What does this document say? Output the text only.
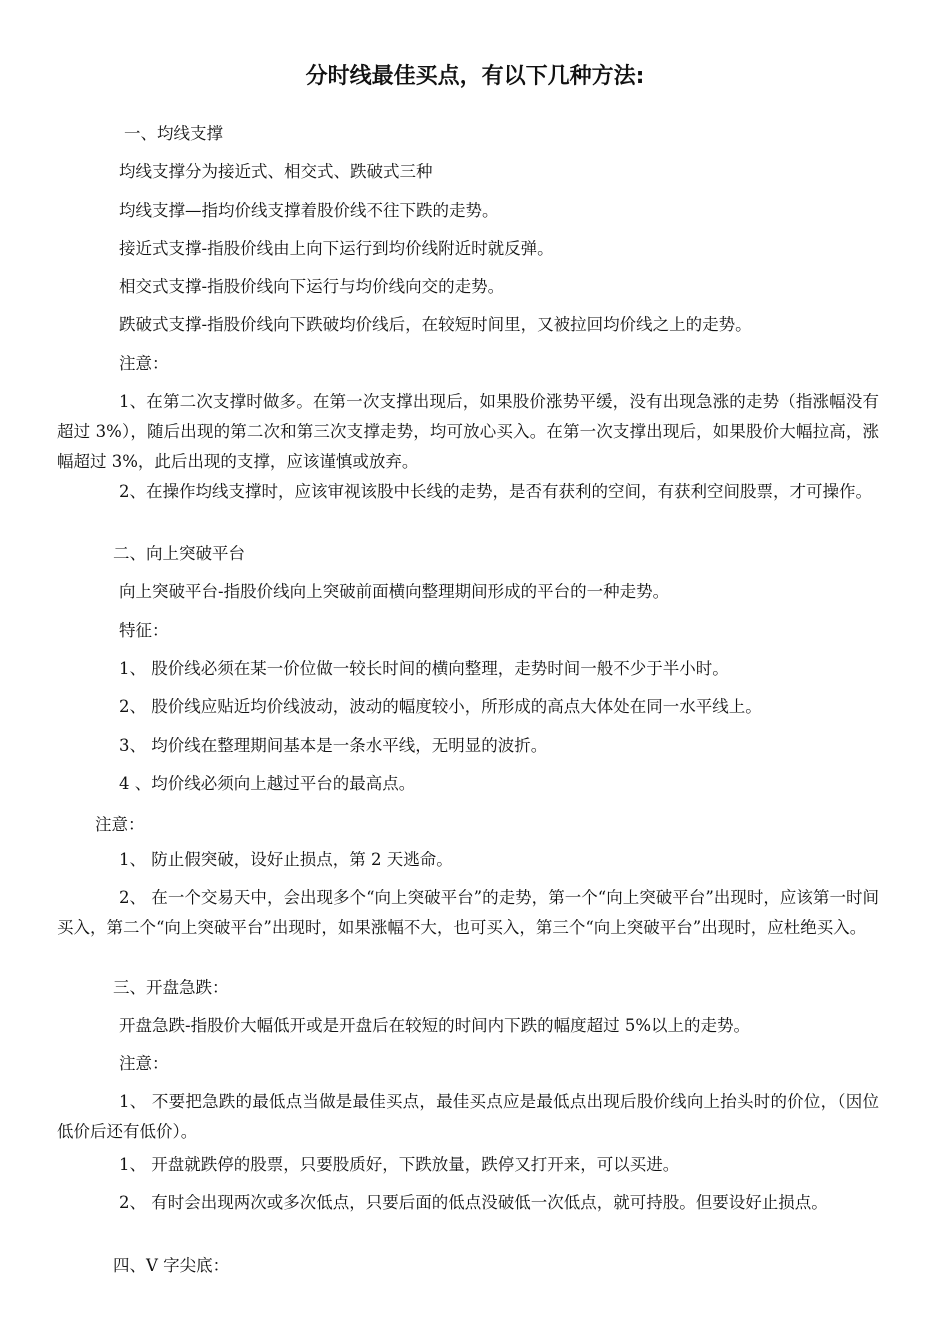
分时线最佳买点，有以下几种方法:

一、均线支撑

均线支撑分为接近式、相交式、跌破式三种

均线支撑—指均价线支撑着股价线不往下跌的走势。

接近式支撑-指股价线由上向下运行到均价线附近时就反弹。

相交式支撑-指股价线向下运行与均价线向交的走势。

跌破式支撑-指股价线向下跌破均价线后，在较短时间里，又被拉回均价线之上的走势。

注意：

1、在第二次支撑时做多。在第一次支撑出现后，如果股价涨势平缓，没有出现急涨的走势（指涨幅没有超过 3%），随后出现的第二次和第三次支撑走势，均可放心买入。在第一次支撑出现后，如果股价大幅拉高，涨幅超过 3%，此后出现的支撑，应该谨慎或放弃。

2、在操作均线支撑时，应该审视该股中长线的走势，是否有获利的空间，有获利空间股票，才可操作。

二、向上突破平台

向上突破平台-指股价线向上突破前面横向整理期间形成的平台的一种走势。

特征：

1、 股价线必须在某一价位做一较长时间的横向整理，走势时间一般不少于半小时。

2、 股价线应贴近均价线波动，波动的幅度较小，所形成的高点大体处在同一水平线上。

3、 均价线在整理期间基本是一条水平线，无明显的波折。

4 、均价线必须向上越过平台的最高点。

注意：

1、 防止假突破，设好止损点，第 2 天逃命。

2、 在一个交易天中，会出现多个“向上突破平台”的走势，第一个“向上突破平台”出现时，应该第一时间买入，第二个“向上突破平台”出现时，如果涨幅不大，也可买入，第三个“向上突破平台”出现时，应杜绝买入。

三、开盘急跌：

开盘急跌-指股价大幅低开或是开盘后在较短的时间内下跌的幅度超过 5%以上的走势。

注意：

1、 不要把急跌的最低点当做是最佳买点，最佳买点应是最低点出现后股价线向上抬头时的价位，（因位低价后还有低价）。

1、 开盘就跌停的股票，只要股质好，下跌放量，跌停又打开来，可以买进。

2、 有时会出现两次或多次低点，只要后面的低点没破低一次低点，就可持股。但要设好止损点。

四、V 字尖底：
